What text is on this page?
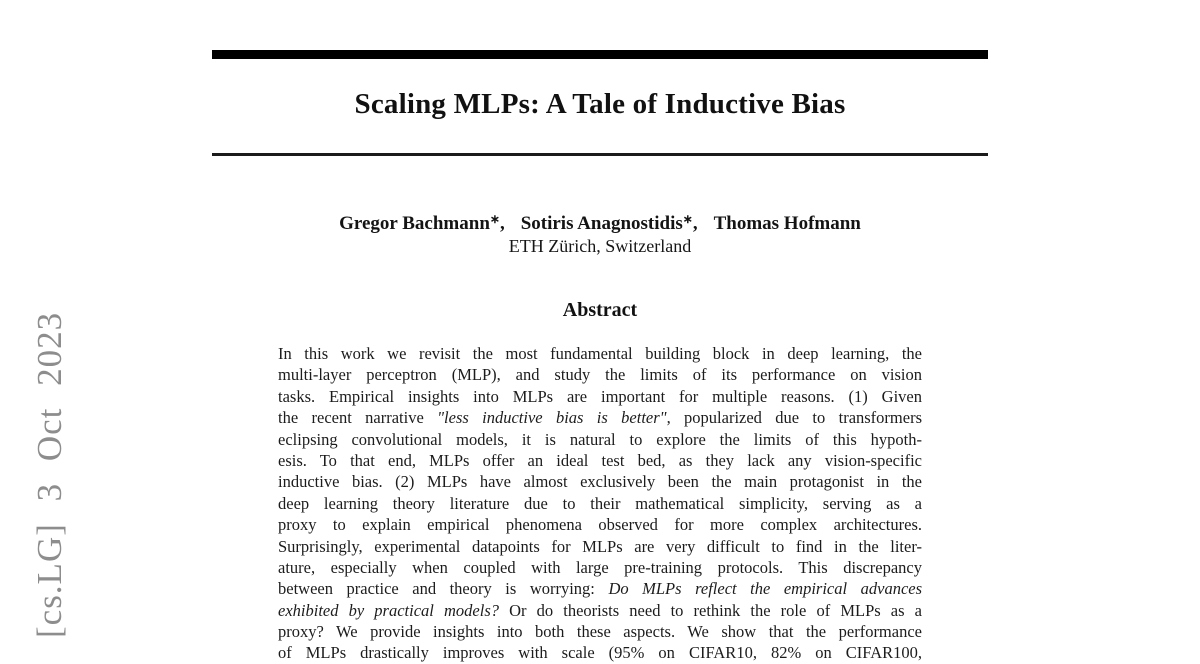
Scaling MLPs: A Tale of Inductive Bias
Gregor Bachmann∗, Sotiris Anagnostidis∗, Thomas Hofmann
ETH Zürich, Switzerland
Abstract
In this work we revisit the most fundamental building block in deep learning, the
multi-layer perceptron (MLP), and study the limits of its performance on vision
tasks. Empirical insights into MLPs are important for multiple reasons. (1) Given
the recent narrative "less inductive bias is better", popularized due to transformers
eclipsing convolutional models, it is natural to explore the limits of this hypoth-
esis. To that end, MLPs offer an ideal test bed, as they lack any vision-specific
inductive bias. (2) MLPs have almost exclusively been the main protagonist in the
deep learning theory literature due to their mathematical simplicity, serving as a
proxy to explain empirical phenomena observed for more complex architectures.
Surprisingly, experimental datapoints for MLPs are very difficult to find in the liter-
ature, especially when coupled with large pre-training protocols. This discrepancy
between practice and theory is worrying: Do MLPs reflect the empirical advances
exhibited by practical models? Or do theorists need to rethink the role of MLPs as a
proxy? We provide insights into both these aspects. We show that the performance
of MLPs drastically improves with scale (95% on CIFAR10, 82% on CIFAR100,
[cs.LG] 3 Oct 2023
